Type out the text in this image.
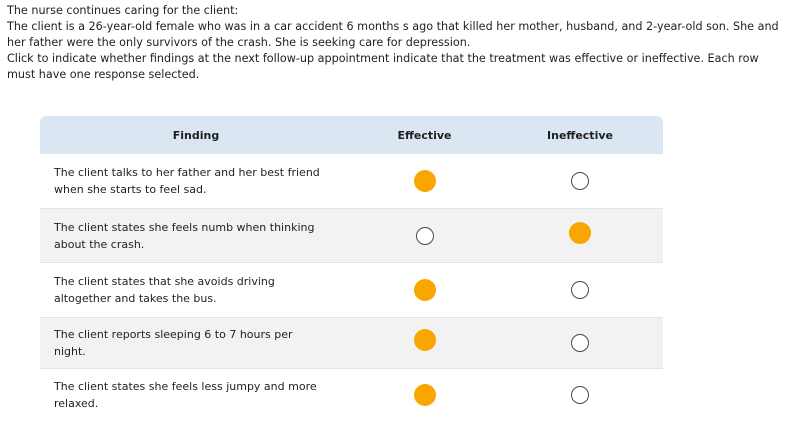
The nurse continues caring for the client:

The client is a 26-year-old female who was in a car accident 6 months s ago that killed her mother, husband, and 2-year-old son. She and her father were the only survivors of the crash. She is seeking care for depression.

Click to indicate whether findings at the next follow-up appointment indicate that the treatment was effective or ineffective. Each row must have one response selected.

Finding	Effective	Ineffective
The client talks to her father and her best friend when she starts to feel sad.
The client states she feels numb when thinking about the crash.
The client states that she avoids driving altogether and takes the bus.
The client reports sleeping 6 to 7 hours per night.
The client states she feels less jumpy and more relaxed.
